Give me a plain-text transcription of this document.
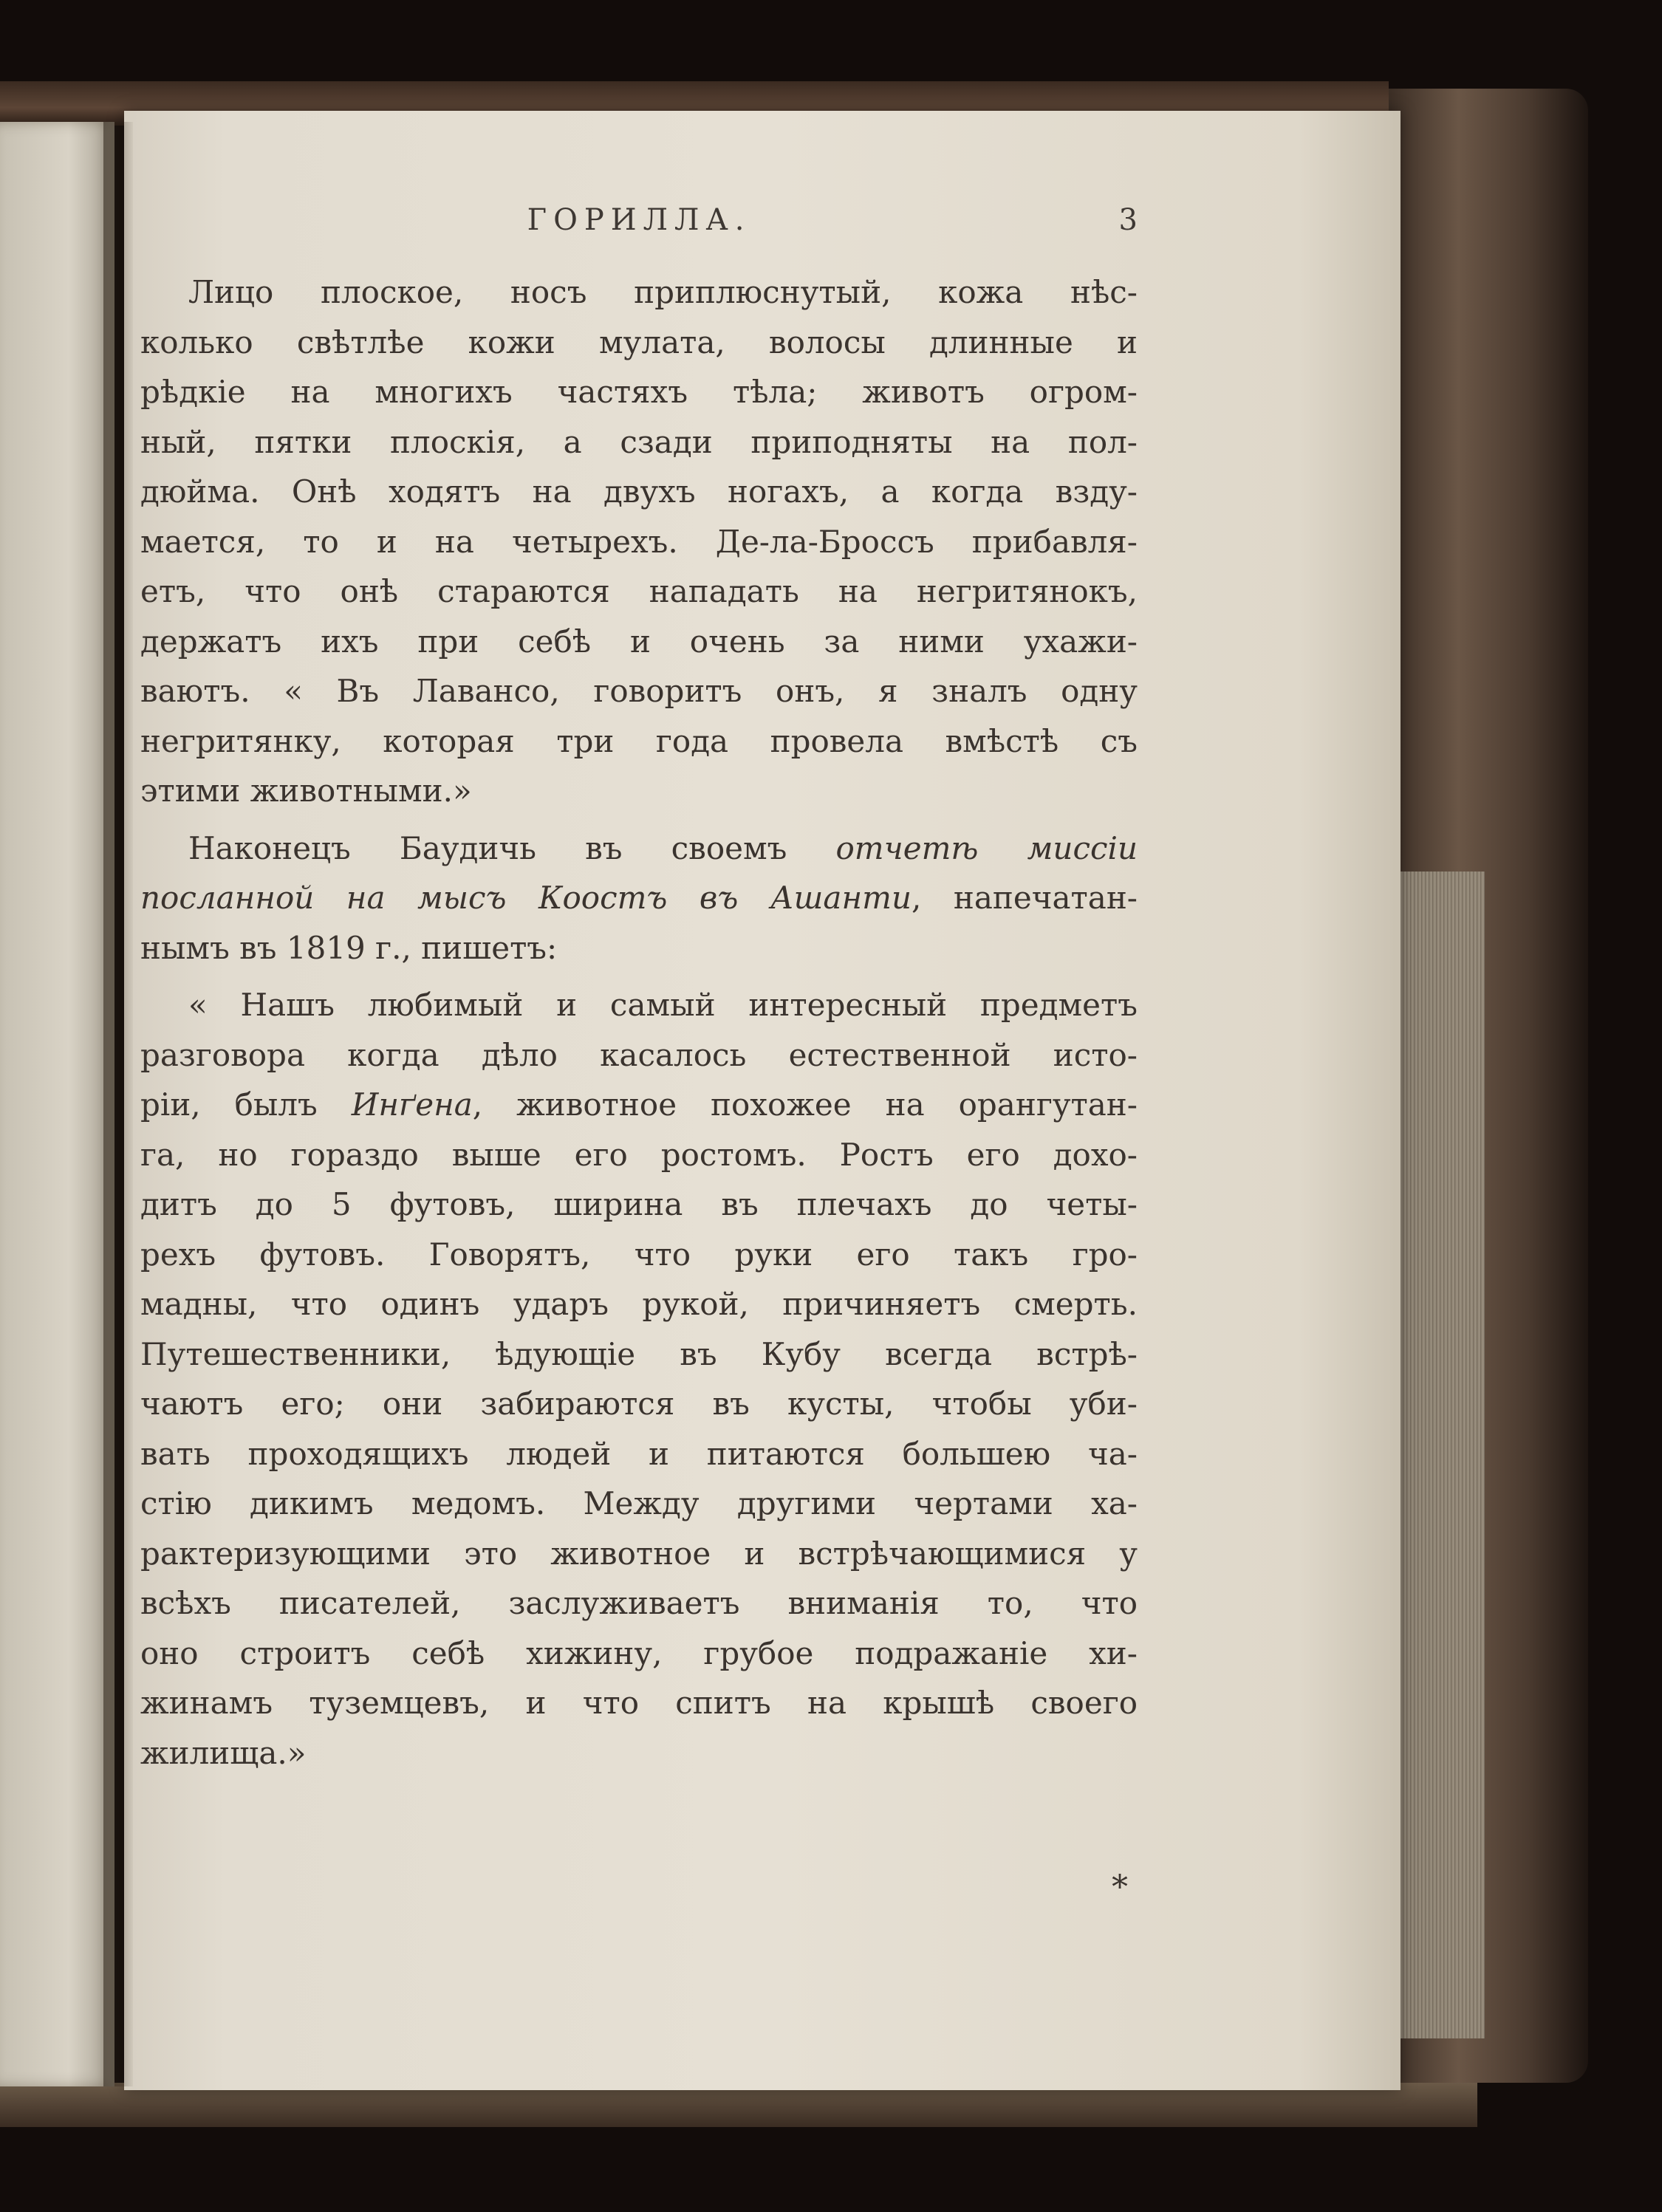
ГОРИЛЛА.	3
Лицо плоское, носъ приплюснутый, кожа нѣс-
колько свѣтлѣе кожи мулата, волосы длинные и
рѣдкіе на многихъ частяхъ тѣла; животъ огром-
ный, пятки плоскія, а сзади приподняты на пол-
дюйма. Онѣ ходятъ на двухъ ногахъ, а когда взду-
мается, то и на четырехъ. Де-ла-Броссъ прибавля-
етъ, что онѣ стараются нападать на негритянокъ,
держатъ ихъ при себѣ и очень за ними ухажи-
ваютъ. « Въ Лавансо, говоритъ онъ, я зналъ одну
негритянку, которая три года провела вмѣстѣ съ
этими животными.»
Наконецъ Баудичь въ своемъ отчетѣ миссіи
посланной на мысъ Коостъ въ Ашанти, напечатан-
нымъ въ 1819 г., пишетъ:
« Нашъ любимый и самый интересный предметъ
разговора когда дѣло касалось естественной исто-
ріи, былъ Инґена, животное похожее на орангутан-
га, но гораздо выше его ростомъ. Ростъ его дохо-
дитъ до 5 футовъ, ширина въ плечахъ до четы-
рехъ футовъ. Говорятъ, что руки его такъ гро-
мадны, что одинъ ударъ рукой, причиняетъ смерть.
Путешественники, ѣдующіе въ Кубу всегда встрѣ-
чаютъ его; они забираются въ кусты, чтобы уби-
вать проходящихъ людей и питаются большею ча-
стію дикимъ медомъ. Между другими чертами ха-
рактеризующими это животное и встрѣчающимися у
всѣхъ писателей, заслуживаетъ вниманія то, что
оно строитъ себѣ хижину, грубое подражаніе хи-
жинамъ туземцевъ, и что спитъ на крышѣ своего
жилища.»
*
